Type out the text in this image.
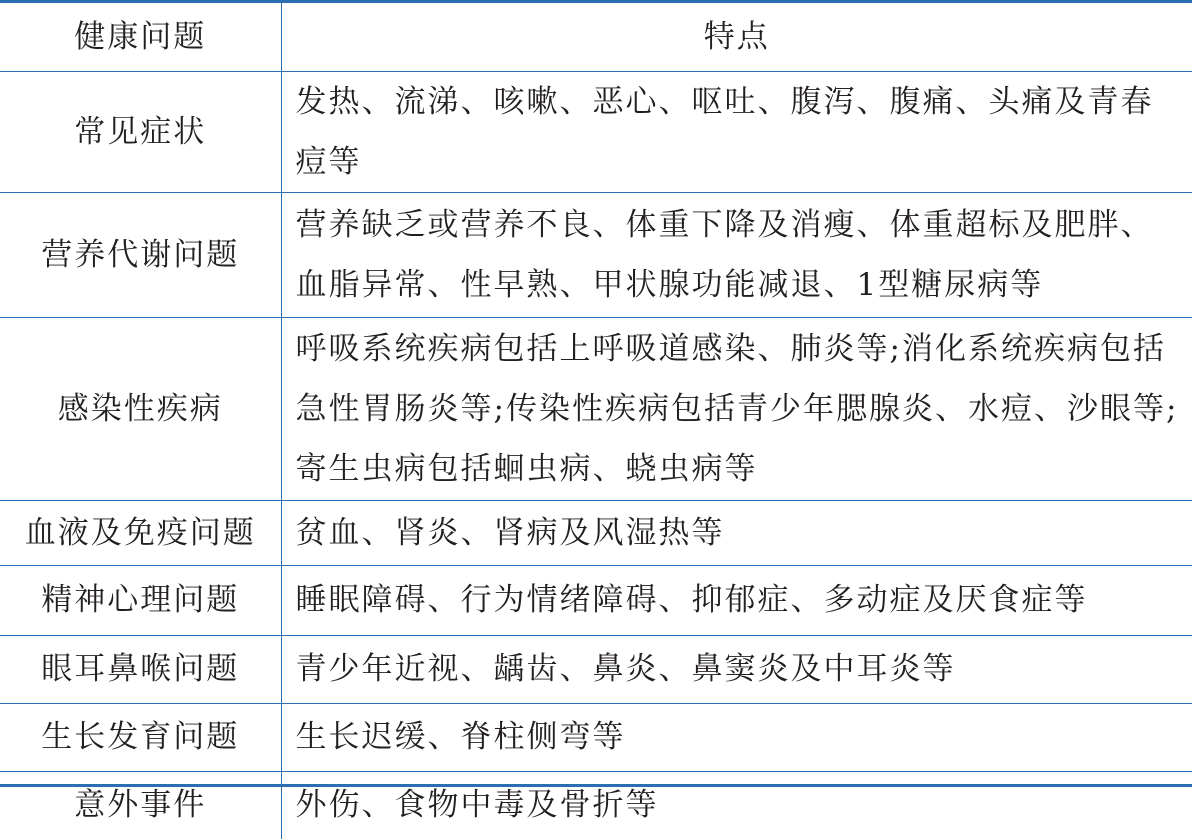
健康问题	特点
常见症状	发热、流涕、咳嗽、恶心、呕吐、腹泻、腹痛、头痛及青春痘等
营养代谢问题	营养缺乏或营养不良、体重下降及消瘦、体重超标及肥胖、血脂异常、性早熟、甲状腺功能减退、1型糖尿病等
感染性疾病	呼吸系统疾病包括上呼吸道感染、肺炎等;消化系统疾病包括急性胃肠炎等;传染性疾病包括青少年腮腺炎、水痘、沙眼等;寄生虫病包括蛔虫病、蛲虫病等
血液及免疫问题	贫血、肾炎、肾病及风湿热等
精神心理问题	睡眠障碍、行为情绪障碍、抑郁症、多动症及厌食症等
眼耳鼻喉问题	青少年近视、龋齿、鼻炎、鼻窦炎及中耳炎等
生长发育问题	生长迟缓、脊柱侧弯等
意外事件	外伤、食物中毒及骨折等
